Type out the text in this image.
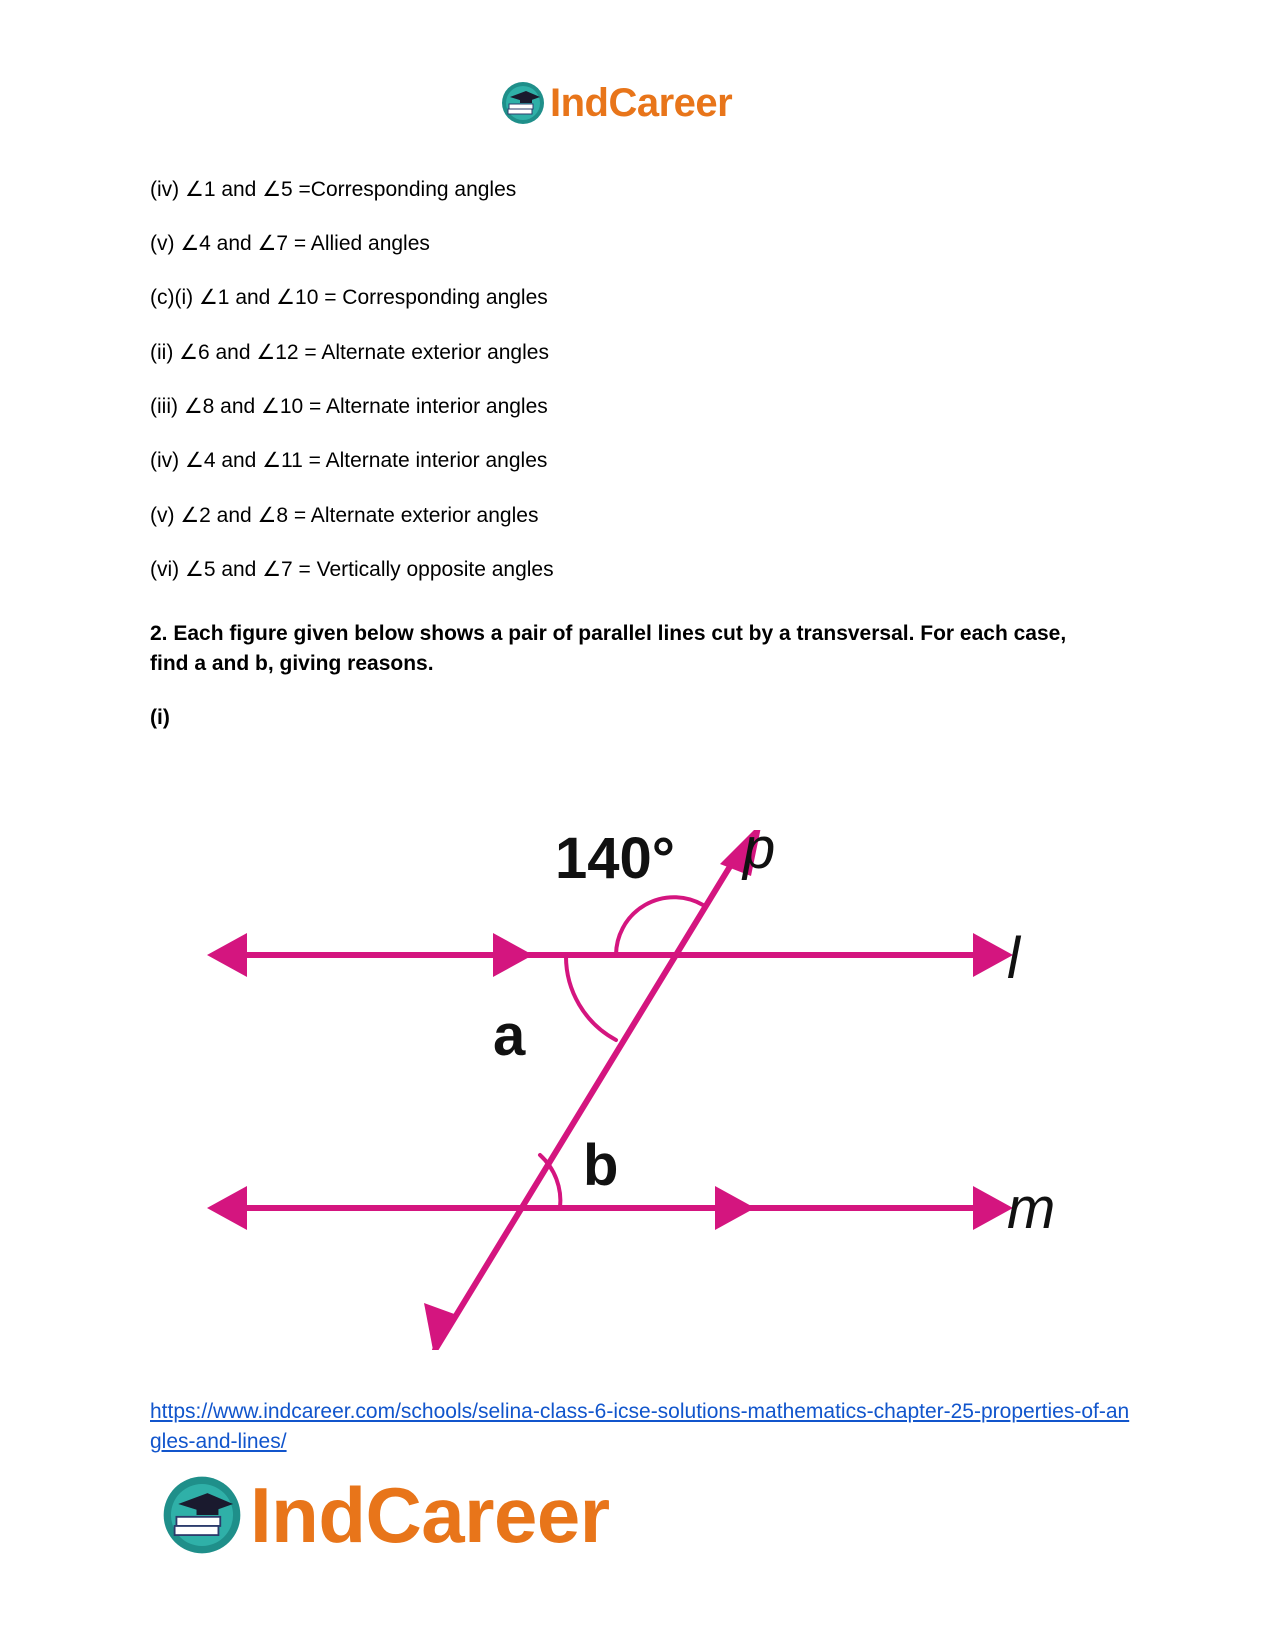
IndCareer
(iv) ∠1 and ∠5 =Corresponding angles
(v) ∠4 and ∠7 = Allied angles
(c)(i) ∠1 and ∠10 = Corresponding angles
(ii) ∠6 and ∠12 = Alternate exterior angles
(iii) ∠8 and ∠10 = Alternate interior angles
(iv) ∠4 and ∠11 = Alternate interior angles
(v) ∠2 and ∠8 = Alternate exterior angles
(vi) ∠5 and ∠7 = Vertically opposite angles
2. Each figure given below shows a pair of parallel lines cut by a transversal. For each case, find a and b, giving reasons.
(i)
140° p
l
a
b
m
https://www.indcareer.com/schools/selina-class-6-icse-solutions-mathematics-chapter-25-properties-of-angles-and-lines/
IndCareer
